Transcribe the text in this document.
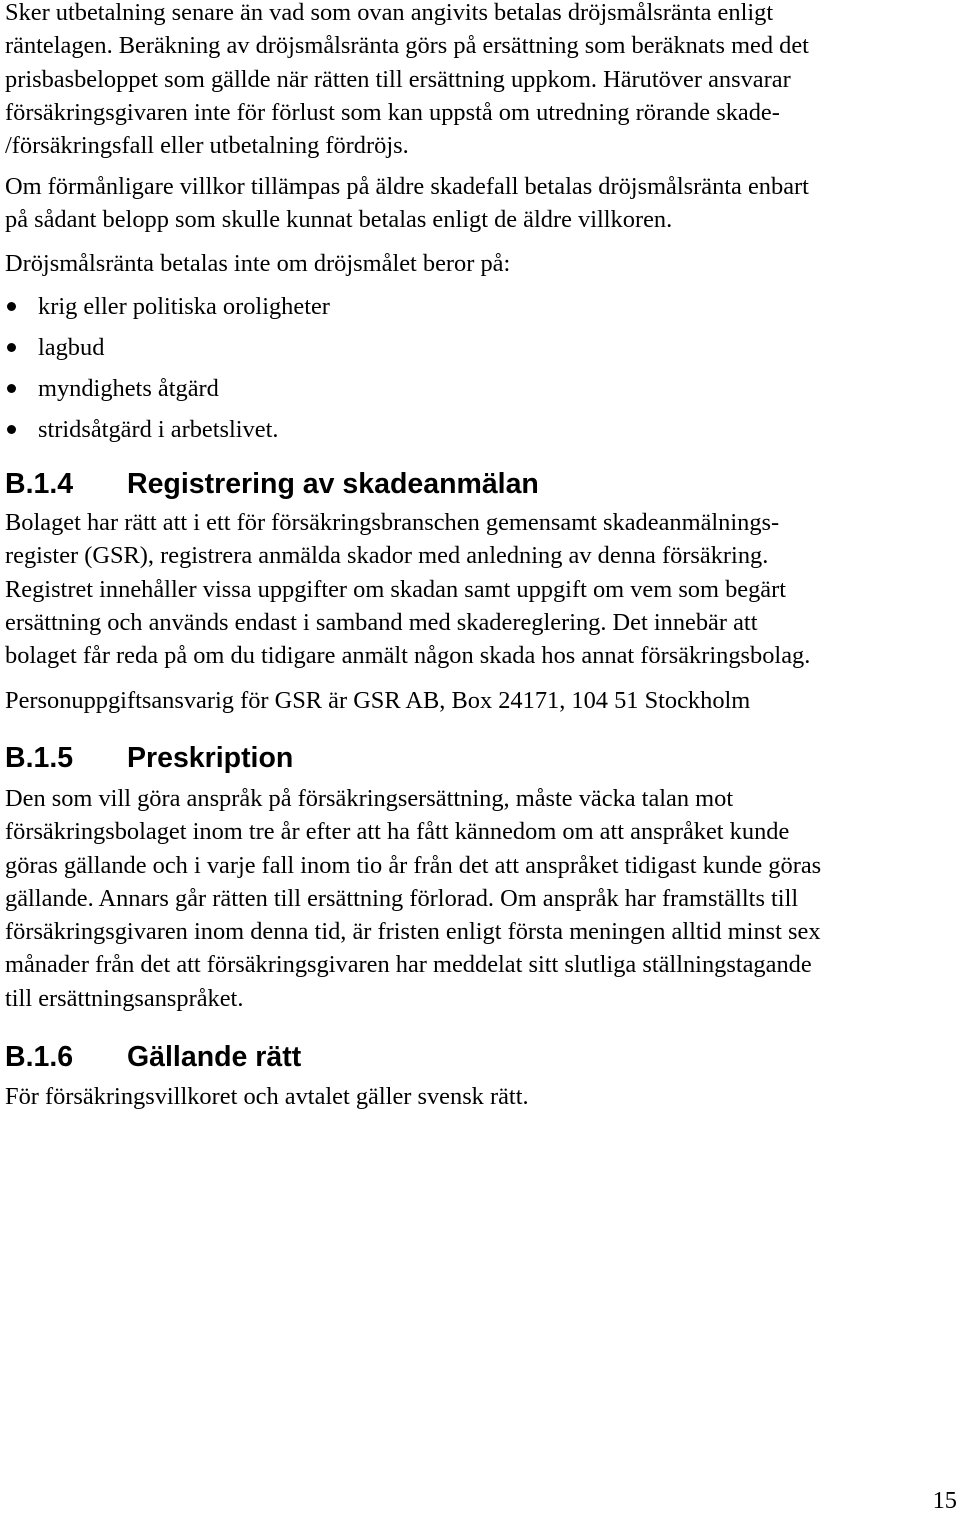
Sker utbetalning senare än vad som ovan angivits betalas dröjsmålsränta enligt
räntelagen. Beräkning av dröjsmålsränta görs på ersättning som beräknats med det
prisbasbeloppet som gällde när rätten till ersättning uppkom. Härutöver ansvarar
försäkringsgivaren inte för förlust som kan uppstå om utredning rörande skade-
/försäkringsfall eller utbetalning fördröjs.
Om förmånligare villkor tillämpas på äldre skadefall betalas dröjsmålsränta enbart
på sådant belopp som skulle kunnat betalas enligt de äldre villkoren.
Dröjsmålsränta betalas inte om dröjsmålet beror på:
krig eller politiska oroligheter
lagbud
myndighets åtgärd
stridsåtgärd i arbetslivet.
B.1.4 Registrering av skadeanmälan
Bolaget har rätt att i ett för försäkringsbranschen gemensamt skadeanmälnings-
register (GSR), registrera anmälda skador med anledning av denna försäkring.
Registret innehåller vissa uppgifter om skadan samt uppgift om vem som begärt
ersättning och används endast i samband med skadereglering. Det innebär att
bolaget får reda på om du tidigare anmält någon skada hos annat försäkringsbolag.
Personuppgiftsansvarig för GSR är GSR AB, Box 24171, 104 51 Stockholm
B.1.5 Preskription
Den som vill göra anspråk på försäkringsersättning, måste väcka talan mot
försäkringsbolaget inom tre år efter att ha fått kännedom om att anspråket kunde
göras gällande och i varje fall inom tio år från det att anspråket tidigast kunde göras
gällande. Annars går rätten till ersättning förlorad. Om anspråk har framställts till
försäkringsgivaren inom denna tid, är fristen enligt första meningen alltid minst sex
månader från det att försäkringsgivaren har meddelat sitt slutliga ställningstagande
till ersättningsanspråket.
B.1.6 Gällande rätt
För försäkringsvillkoret och avtalet gäller svensk rätt.
15
